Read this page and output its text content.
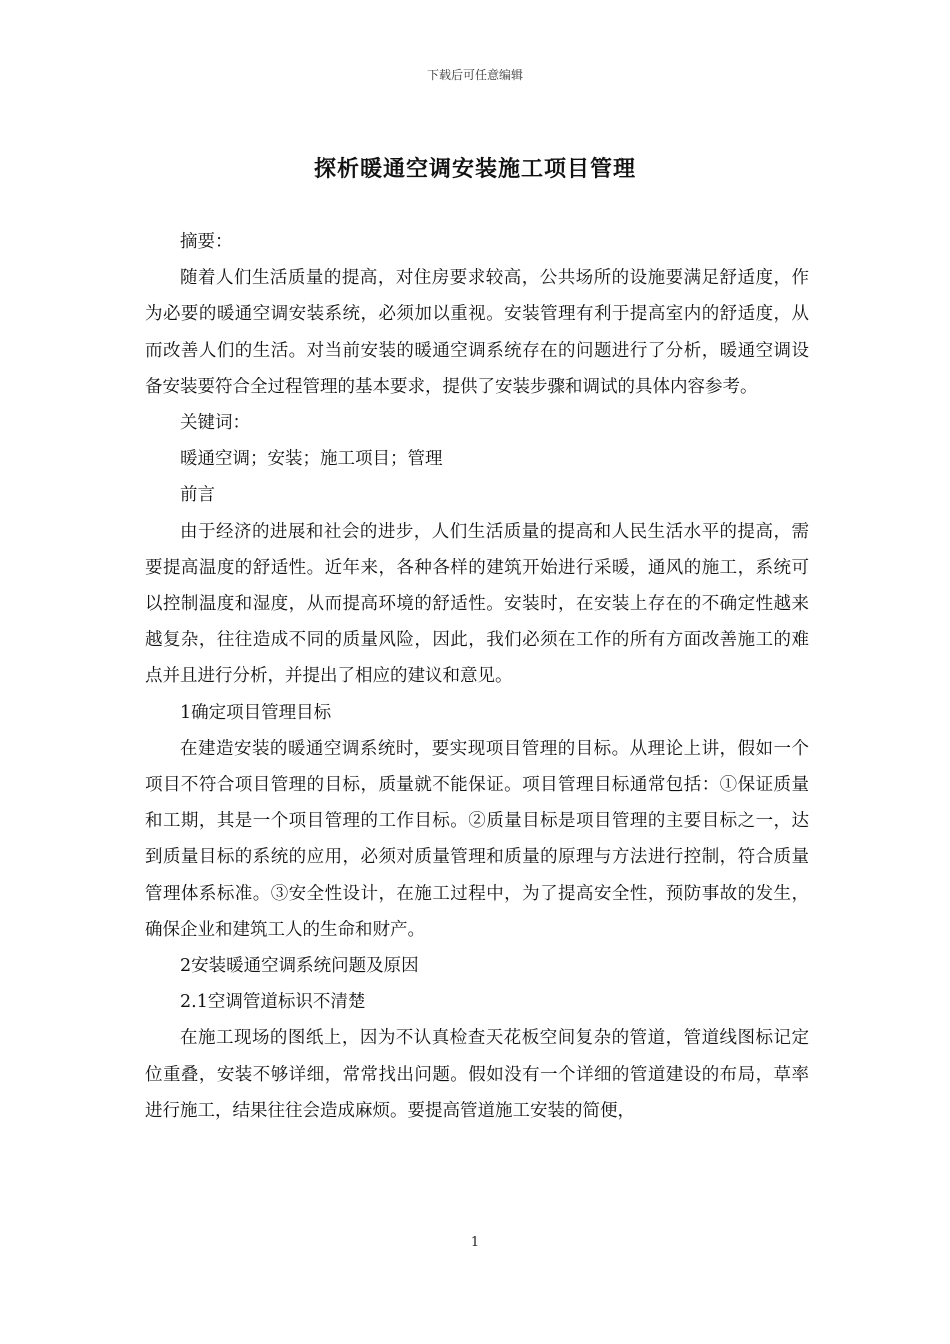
下载后可任意编辑
探析暖通空调安装施工项目管理

摘要：

随着人们生活质量的提高，对住房要求较高，公共场所的设施要满足舒适度，作为必要的暖通空调安装系统，必须加以重视。安装管理有利于提高室内的舒适度，从而改善人们的生活。对当前安装的暖通空调系统存在的问题进行了分析，暖通空调设备安装要符合全过程管理的基本要求，提供了安装步骤和调试的具体内容参考。

关键词：

暖通空调；安装；施工项目；管理

前言

由于经济的进展和社会的进步，人们生活质量的提高和人民生活水平的提高，需要提高温度的舒适性。近年来，各种各样的建筑开始进行采暖，通风的施工，系统可以控制温度和湿度，从而提高环境的舒适性。安装时，在安装上存在的不确定性越来越复杂，往往造成不同的质量风险，因此，我们必须在工作的所有方面改善施工的难点并且进行分析，并提出了相应的建议和意见。

1确定项目管理目标

在建造安装的暖通空调系统时，要实现项目管理的目标。从理论上讲，假如一个项目不符合项目管理的目标，质量就不能保证。项目管理目标通常包括：①保证质量和工期，其是一个项目管理的工作目标。②质量目标是项目管理的主要目标之一，达到质量目标的系统的应用，必须对质量管理和质量的原理与方法进行控制，符合质量管理体系标准。③安全性设计，在施工过程中，为了提高安全性，预防事故的发生，确保企业和建筑工人的生命和财产。

2安装暖通空调系统问题及原因

2.1空调管道标识不清楚

在施工现场的图纸上，因为不认真检查天花板空间复杂的管道，管道线图标记定位重叠，安装不够详细，常常找出问题。假如没有一个详细的管道建设的布局，草率进行施工，结果往往会造成麻烦。要提高管道施工安装的简便，

1
